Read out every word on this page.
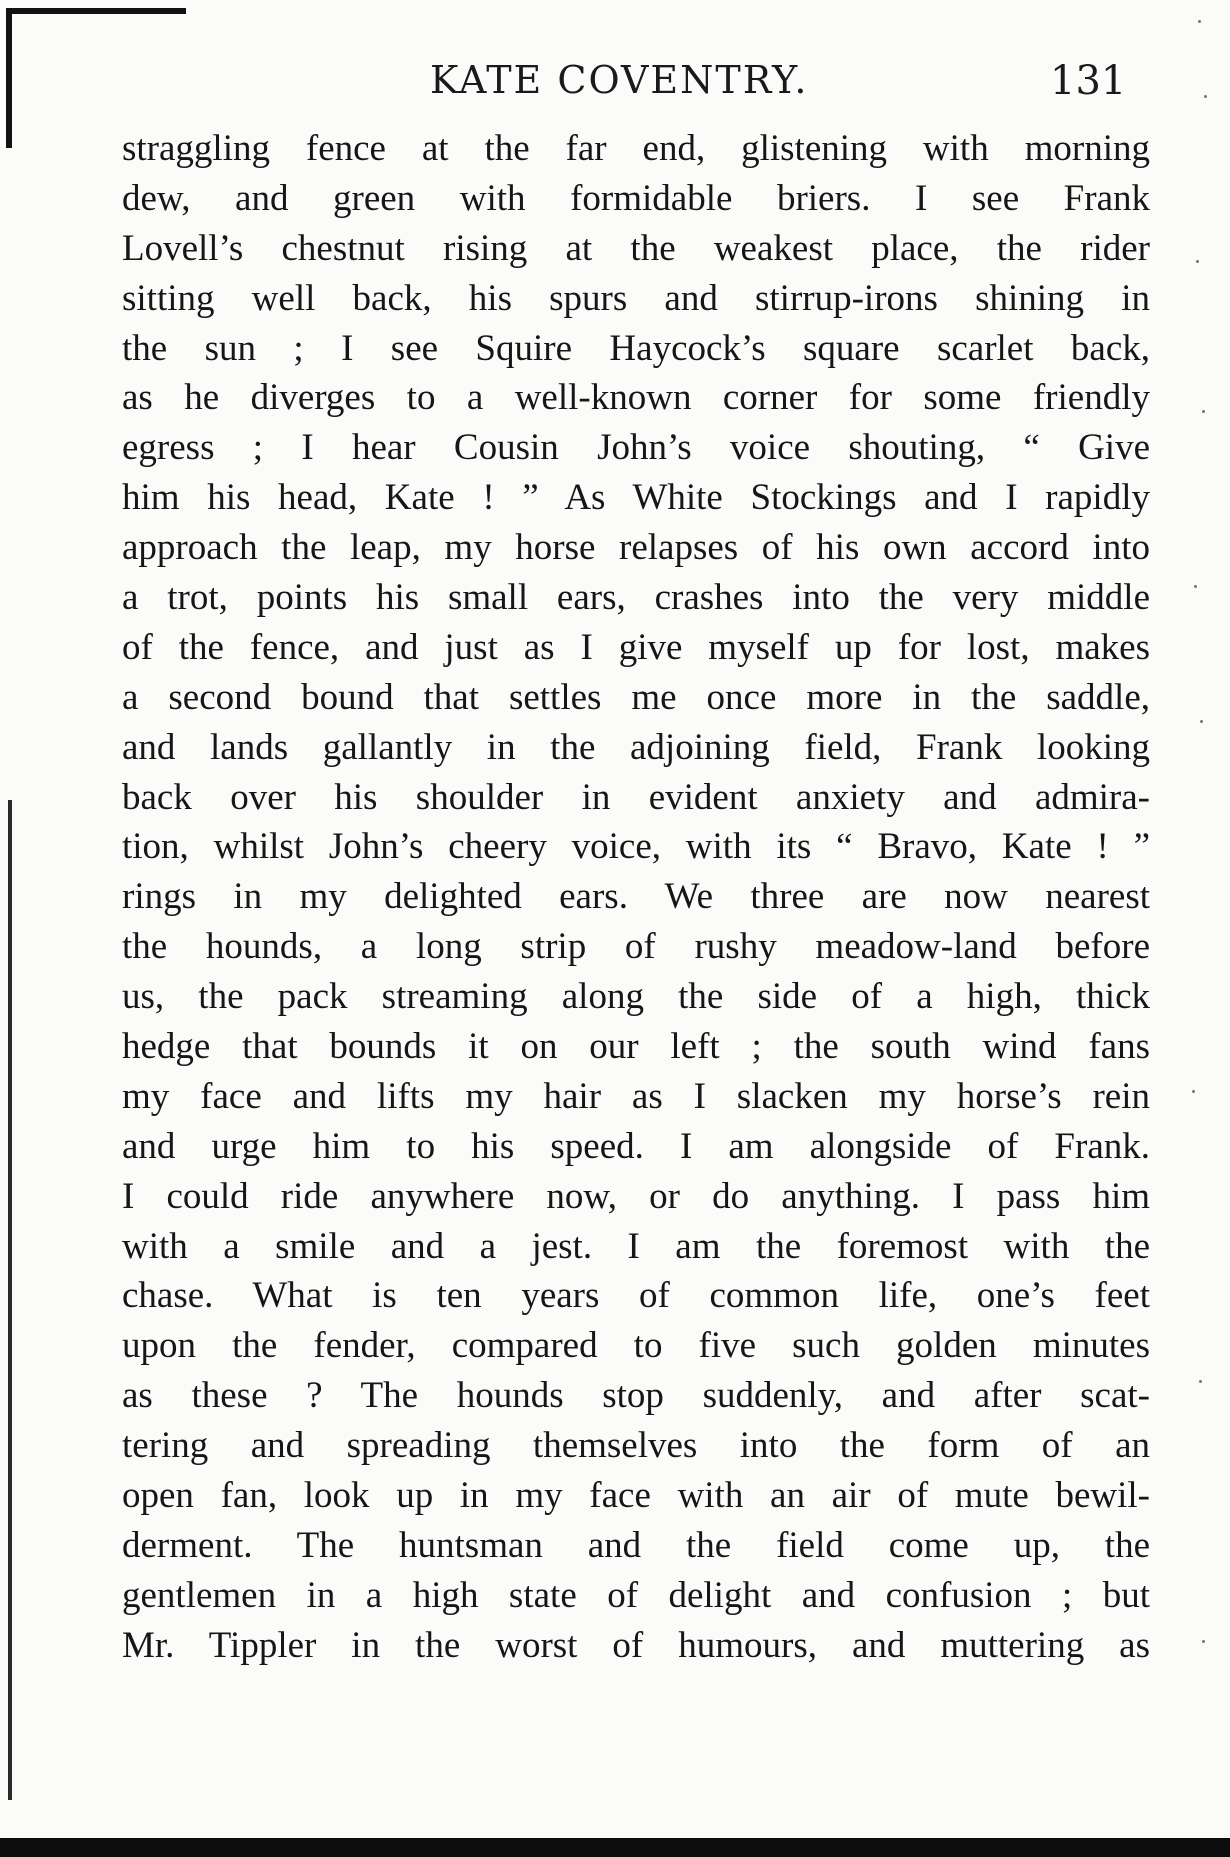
KATE COVENTRY.	131
straggling fence at the far end, glistening with morning
dew, and green with formidable briers. I see Frank
Lovell’s chestnut rising at the weakest place, the rider
sitting well back, his spurs and stirrup-irons shining in
the sun ; I see Squire Haycock’s square scarlet back,
as he diverges to a well-known corner for some friendly
egress ; I hear Cousin John’s voice shouting, “ Give
him his head, Kate ! ” As White Stockings and I rapidly
approach the leap, my horse relapses of his own accord into
a trot, points his small ears, crashes into the very middle
of the fence, and just as I give myself up for lost, makes
a second bound that settles me once more in the saddle,
and lands gallantly in the adjoining field, Frank looking
back over his shoulder in evident anxiety and admira-
tion, whilst John’s cheery voice, with its “ Bravo, Kate ! ”
rings in my delighted ears. We three are now nearest
the hounds, a long strip of rushy meadow-land before
us, the pack streaming along the side of a high, thick
hedge that bounds it on our left ; the south wind fans
my face and lifts my hair as I slacken my horse’s rein
and urge him to his speed. I am alongside of Frank.
I could ride anywhere now, or do anything. I pass him
with a smile and a jest. I am the foremost with the
chase. What is ten years of common life, one’s feet
upon the fender, compared to five such golden minutes
as these ? The hounds stop suddenly, and after scat-
tering and spreading themselves into the form of an
open fan, look up in my face with an air of mute bewil-
derment. The huntsman and the field come up, the
gentlemen in a high state of delight and confusion ; but
Mr. Tippler in the worst of humours, and muttering as
